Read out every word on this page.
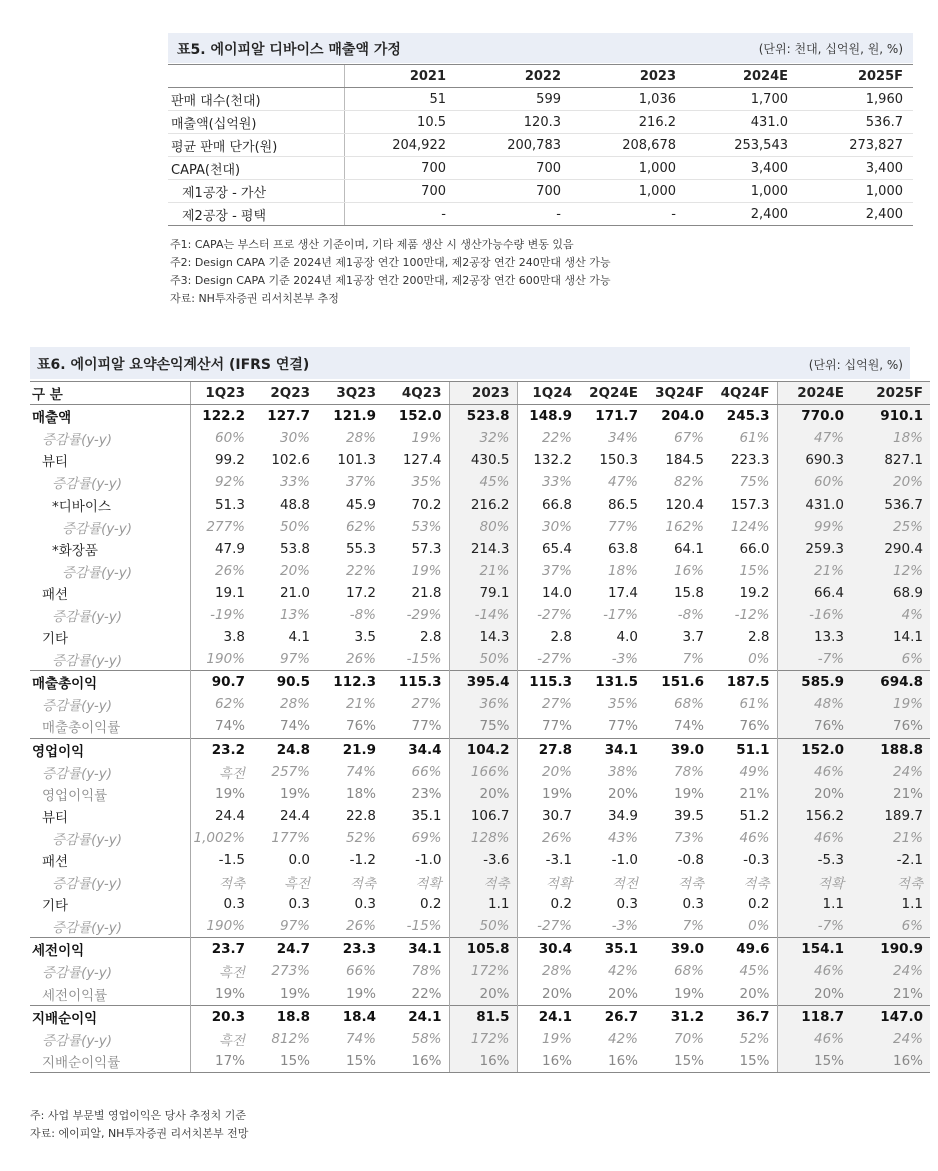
표5. 에이피알 디바이스 매출액 가정	(단위: 천대, 십억원, 원, %)
	2021	2022	2023	2024E	2025F
판매 대수(천대)	51	599	1,036	1,700	1,960
매출액(십억원)	10.5	120.3	216.2	431.0	536.7
평균 판매 단가(원)	204,922	200,783	208,678	253,543	273,827
CAPA(천대)	700	700	1,000	3,400	3,400
제1공장 - 가산	700	700	1,000	1,000	1,000
제2공장 - 평택	-	-	-	2,400	2,400
주1: CAPA는 부스터 프로 생산 기준이며, 기타 제품 생산 시 생산가능수량 변동 있음
주2: Design CAPA 기준 2024년 제1공장 연간 100만대, 제2공장 연간 240만대 생산 가능
주3: Design CAPA 기준 2024년 제1공장 연간 200만대, 제2공장 연간 600만대 생산 가능
자료: NH투자증권 리서치본부 추정
표6. 에이피알 요약손익계산서 (IFRS 연결)	(단위: 십억원, %)
구 분	1Q23	2Q23	3Q23	4Q23	2023	1Q24	2Q24E	3Q24F	4Q24F	2024E	2025F
매출액	122.2	127.7	121.9	152.0	523.8	148.9	171.7	204.0	245.3	770.0	910.1
증감률(y-y)	60%	30%	28%	19%	32%	22%	34%	67%	61%	47%	18%
뷰티	99.2	102.6	101.3	127.4	430.5	132.2	150.3	184.5	223.3	690.3	827.1
증감률(y-y)	92%	33%	37%	35%	45%	33%	47%	82%	75%	60%	20%
*디바이스	51.3	48.8	45.9	70.2	216.2	66.8	86.5	120.4	157.3	431.0	536.7
증감률(y-y)	277%	50%	62%	53%	80%	30%	77%	162%	124%	99%	25%
*화장품	47.9	53.8	55.3	57.3	214.3	65.4	63.8	64.1	66.0	259.3	290.4
증감률(y-y)	26%	20%	22%	19%	21%	37%	18%	16%	15%	21%	12%
패션	19.1	21.0	17.2	21.8	79.1	14.0	17.4	15.8	19.2	66.4	68.9
증감률(y-y)	-19%	13%	-8%	-29%	-14%	-27%	-17%	-8%	-12%	-16%	4%
기타	3.8	4.1	3.5	2.8	14.3	2.8	4.0	3.7	2.8	13.3	14.1
증감률(y-y)	190%	97%	26%	-15%	50%	-27%	-3%	7%	0%	-7%	6%
매출총이익	90.7	90.5	112.3	115.3	395.4	115.3	131.5	151.6	187.5	585.9	694.8
증감률(y-y)	62%	28%	21%	27%	36%	27%	35%	68%	61%	48%	19%
매출총이익률	74%	74%	76%	77%	75%	77%	77%	74%	76%	76%	76%
영업이익	23.2	24.8	21.9	34.4	104.2	27.8	34.1	39.0	51.1	152.0	188.8
증감률(y-y)	흑전	257%	74%	66%	166%	20%	38%	78%	49%	46%	24%
영업이익률	19%	19%	18%	23%	20%	19%	20%	19%	21%	20%	21%
뷰티	24.4	24.4	22.8	35.1	106.7	30.7	34.9	39.5	51.2	156.2	189.7
증감률(y-y)	1,002%	177%	52%	69%	128%	26%	43%	73%	46%	46%	21%
패션	-1.5	0.0	-1.2	-1.0	-3.6	-3.1	-1.0	-0.8	-0.3	-5.3	-2.1
증감률(y-y)	적축	흑전	적축	적확	적축	적확	적전	적축	적축	적확	적축
기타	0.3	0.3	0.3	0.2	1.1	0.2	0.3	0.3	0.2	1.1	1.1
증감률(y-y)	190%	97%	26%	-15%	50%	-27%	-3%	7%	0%	-7%	6%
세전이익	23.7	24.7	23.3	34.1	105.8	30.4	35.1	39.0	49.6	154.1	190.9
증감률(y-y)	흑전	273%	66%	78%	172%	28%	42%	68%	45%	46%	24%
세전이익률	19%	19%	19%	22%	20%	20%	20%	19%	20%	20%	21%
지배순이익	20.3	18.8	18.4	24.1	81.5	24.1	26.7	31.2	36.7	118.7	147.0
증감률(y-y)	흑전	812%	74%	58%	172%	19%	42%	70%	52%	46%	24%
지배순이익률	17%	15%	15%	16%	16%	16%	16%	15%	15%	15%	16%
주: 사업 부문별 영업이익은 당사 추정치 기준
자료: 에이피알, NH투자증권 리서치본부 전망
